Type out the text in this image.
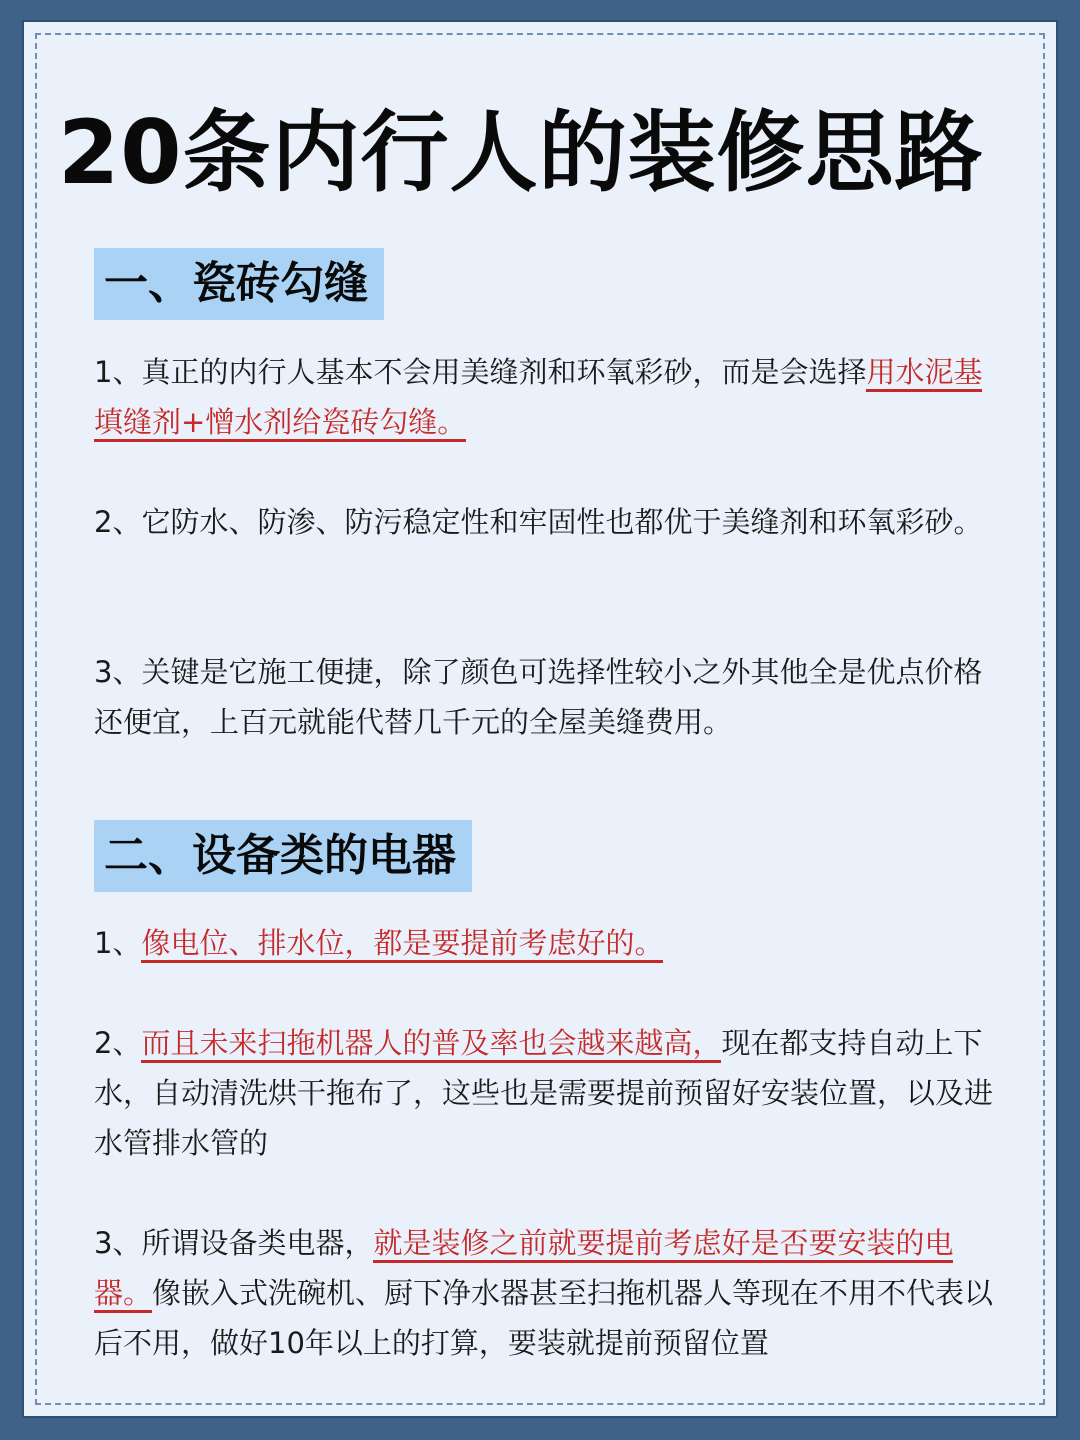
20条内行人的装修思路
一、瓷砖勾缝
1、真正的内行人基本不会用美缝剂和环氧彩砂，而是会选择用水泥基填缝剂+憎水剂给瓷砖勾缝。
2、它防水、防渗、防污稳定性和牢固性也都优于美缝剂和环氧彩砂。
3、关键是它施工便捷，除了颜色可选择性较小之外其他全是优点价格还便宜，上百元就能代替几千元的全屋美缝费用。
二、设备类的电器
1、像电位、排水位，都是要提前考虑好的。
2、而且未来扫拖机器人的普及率也会越来越高，现在都支持自动上下水，自动清洗烘干拖布了，这些也是需要提前预留好安装位置，以及进水管排水管的
3、所谓设备类电器，就是装修之前就要提前考虑好是否要安装的电器。像嵌入式洗碗机、厨下净水器甚至扫拖机器人等现在不用不代表以后不用，做好10年以上的打算，要装就提前预留位置
